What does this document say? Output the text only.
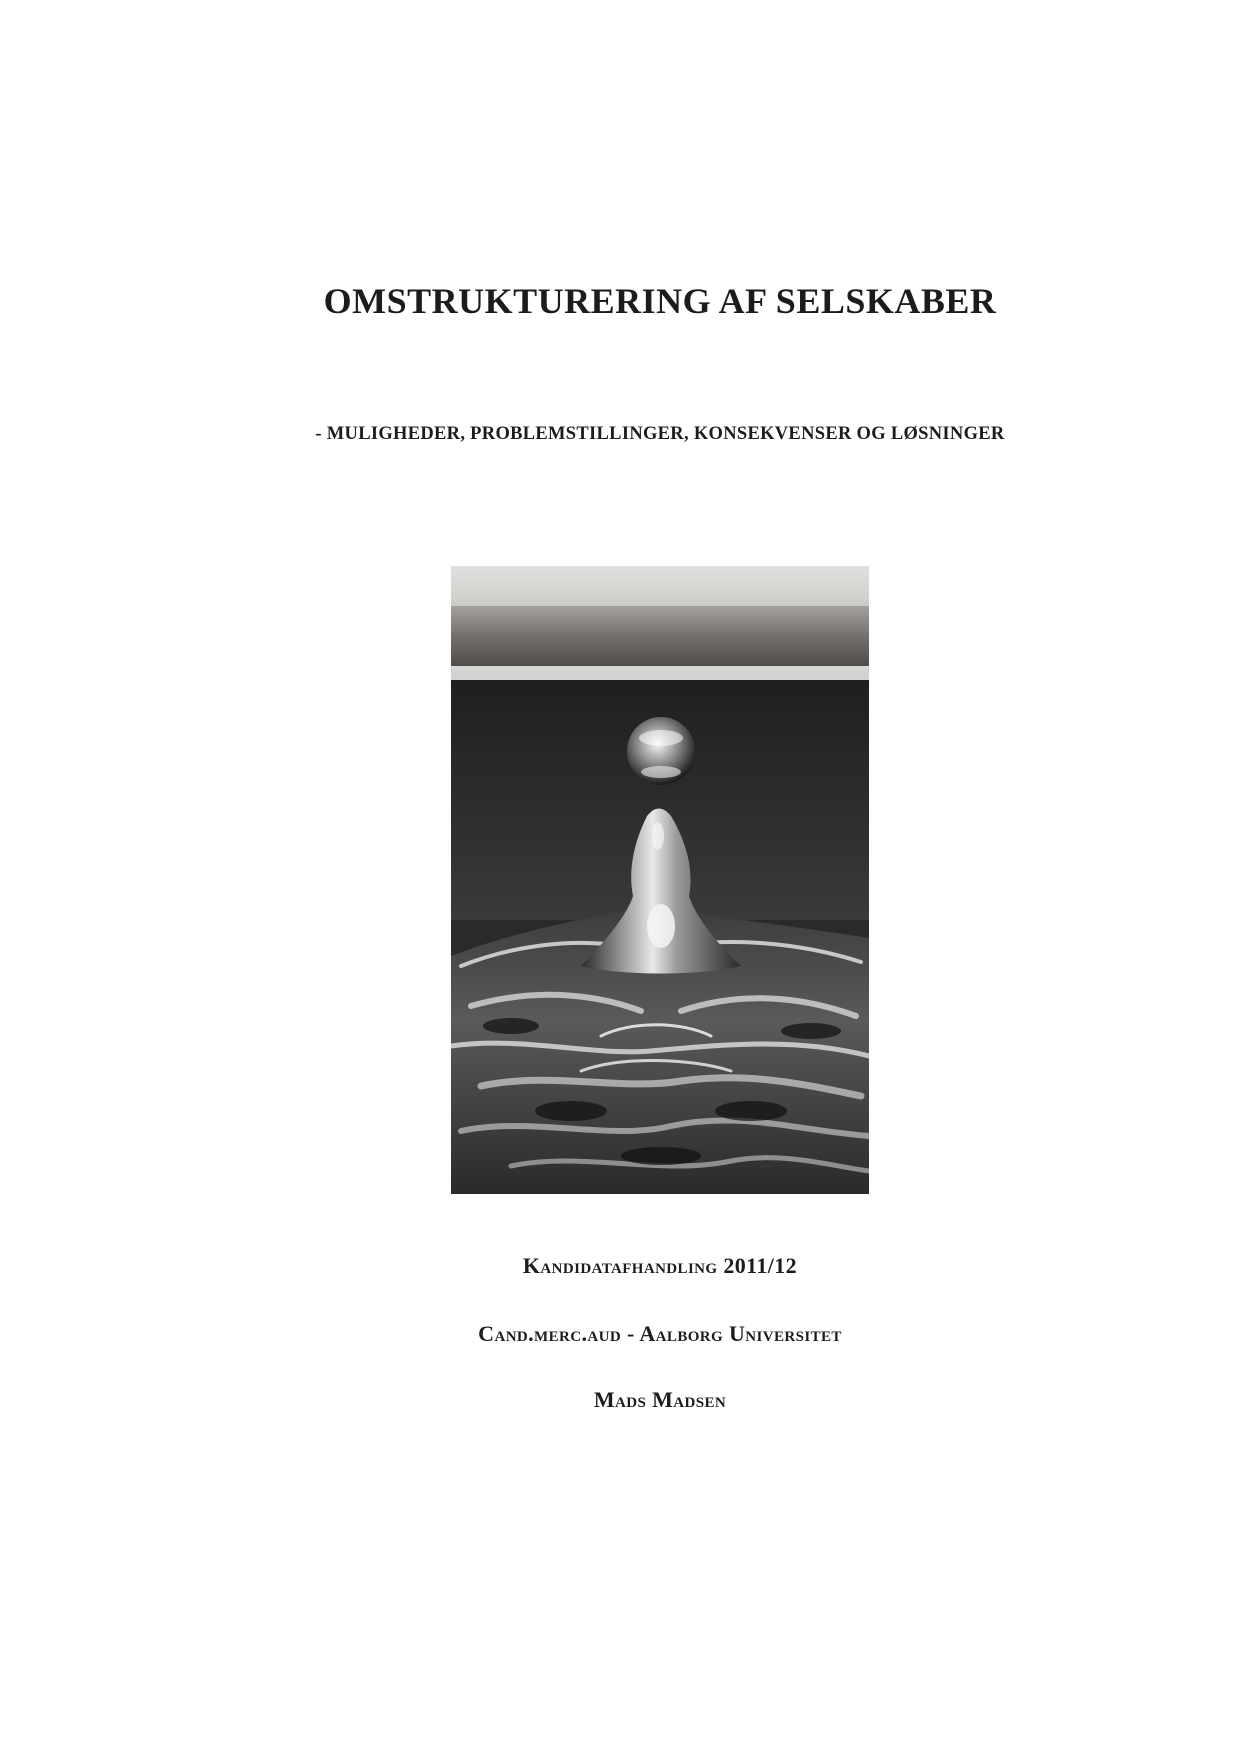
OMSTRUKTURERING AF SELSKABER
- MULIGHEDER, PROBLEMSTILLINGER, KONSEKVENSER OG LØSNINGER
Kandidatafhandling 2011/12
Cand.merc.aud - Aalborg Universitet
Mads Madsen
